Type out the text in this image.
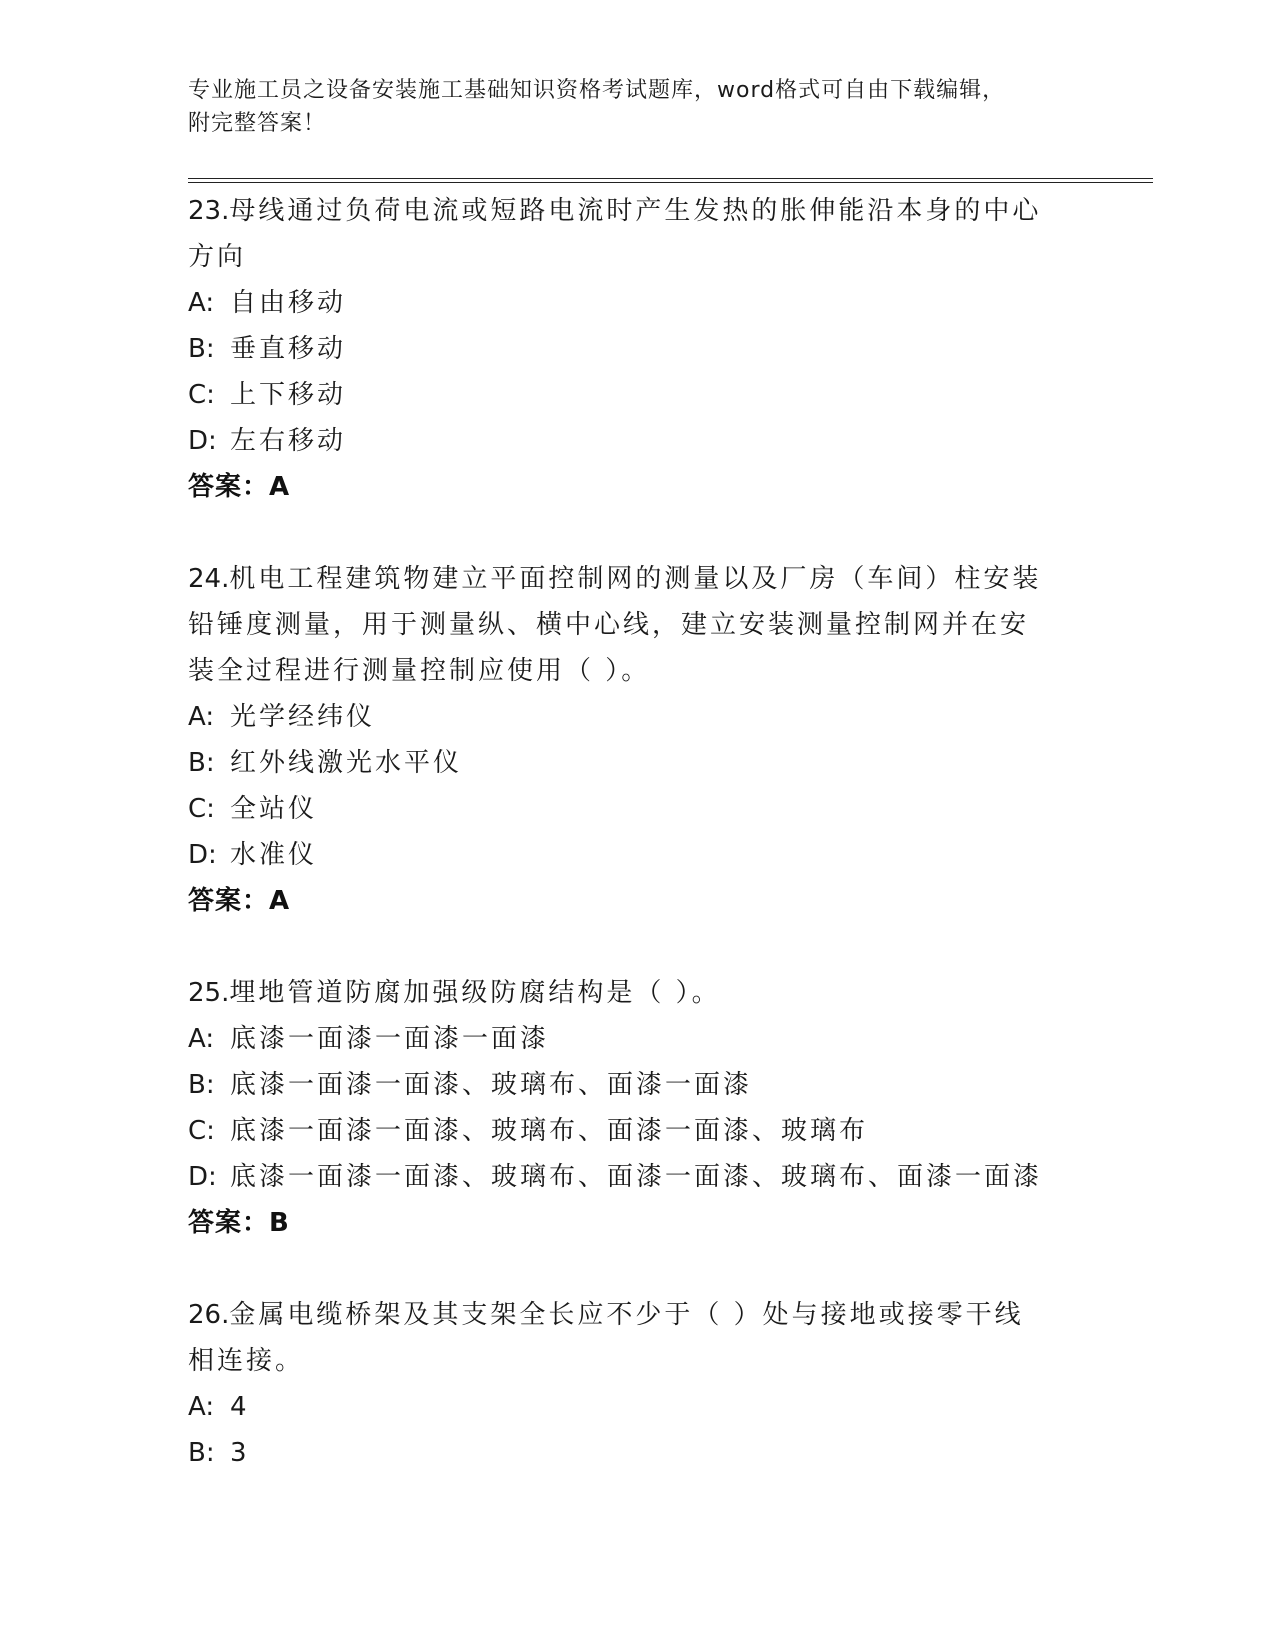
专业施工员之设备安装施工基础知识资格考试题库，word格式可自由下载编辑，
附完整答案！
23.母线通过负荷电流或短路电流时产生发热的胀伸能沿本身的中心方向
A: 自由移动
B: 垂直移动
C: 上下移动
D: 左右移动
答案：A
24.机电工程建筑物建立平面控制网的测量以及厂房（车间）柱安装铅锤度测量，用于测量纵、横中心线，建立安装测量控制网并在安装全过程进行测量控制应使用（ ）。
A: 光学经纬仪
B: 红外线激光水平仪
C: 全站仪
D: 水准仪
答案：A
25.埋地管道防腐加强级防腐结构是（ ）。
A: 底漆一面漆一面漆一面漆
B: 底漆一面漆一面漆、玻璃布、面漆一面漆
C: 底漆一面漆一面漆、玻璃布、面漆一面漆、玻璃布
D: 底漆一面漆一面漆、玻璃布、面漆一面漆、玻璃布、面漆一面漆
答案：B
26.金属电缆桥架及其支架全长应不少于（ ）处与接地或接零干线相连接。
A: 4
B: 3
